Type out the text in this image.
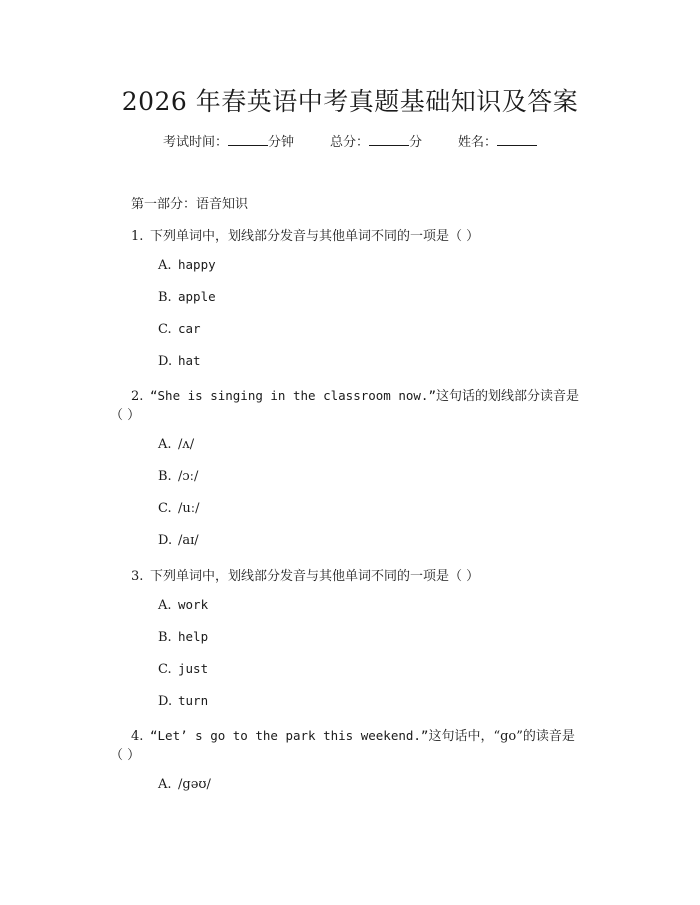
2026 年春英语中考真题基础知识及答案
考试时间：	分钟	总分：	分	姓名：
第一部分：语音知识
1. 下列单词中，划线部分发音与其他单词不同的一项是（ ）
A. happy
B. apple
C. car
D. hat
2. “She is singing in the classroom now.”这句话的划线部分读音是
（ ）
A. /ʌ/
B. /ɔː/
C. /uː/
D. /aɪ/
3. 下列单词中，划线部分发音与其他单词不同的一项是（ ）
A. work
B. help
C. just
D. turn
4. “Let’ s go to the park this weekend.”这句话中，“go”的读音是
（ ）
A. /gəʊ/
